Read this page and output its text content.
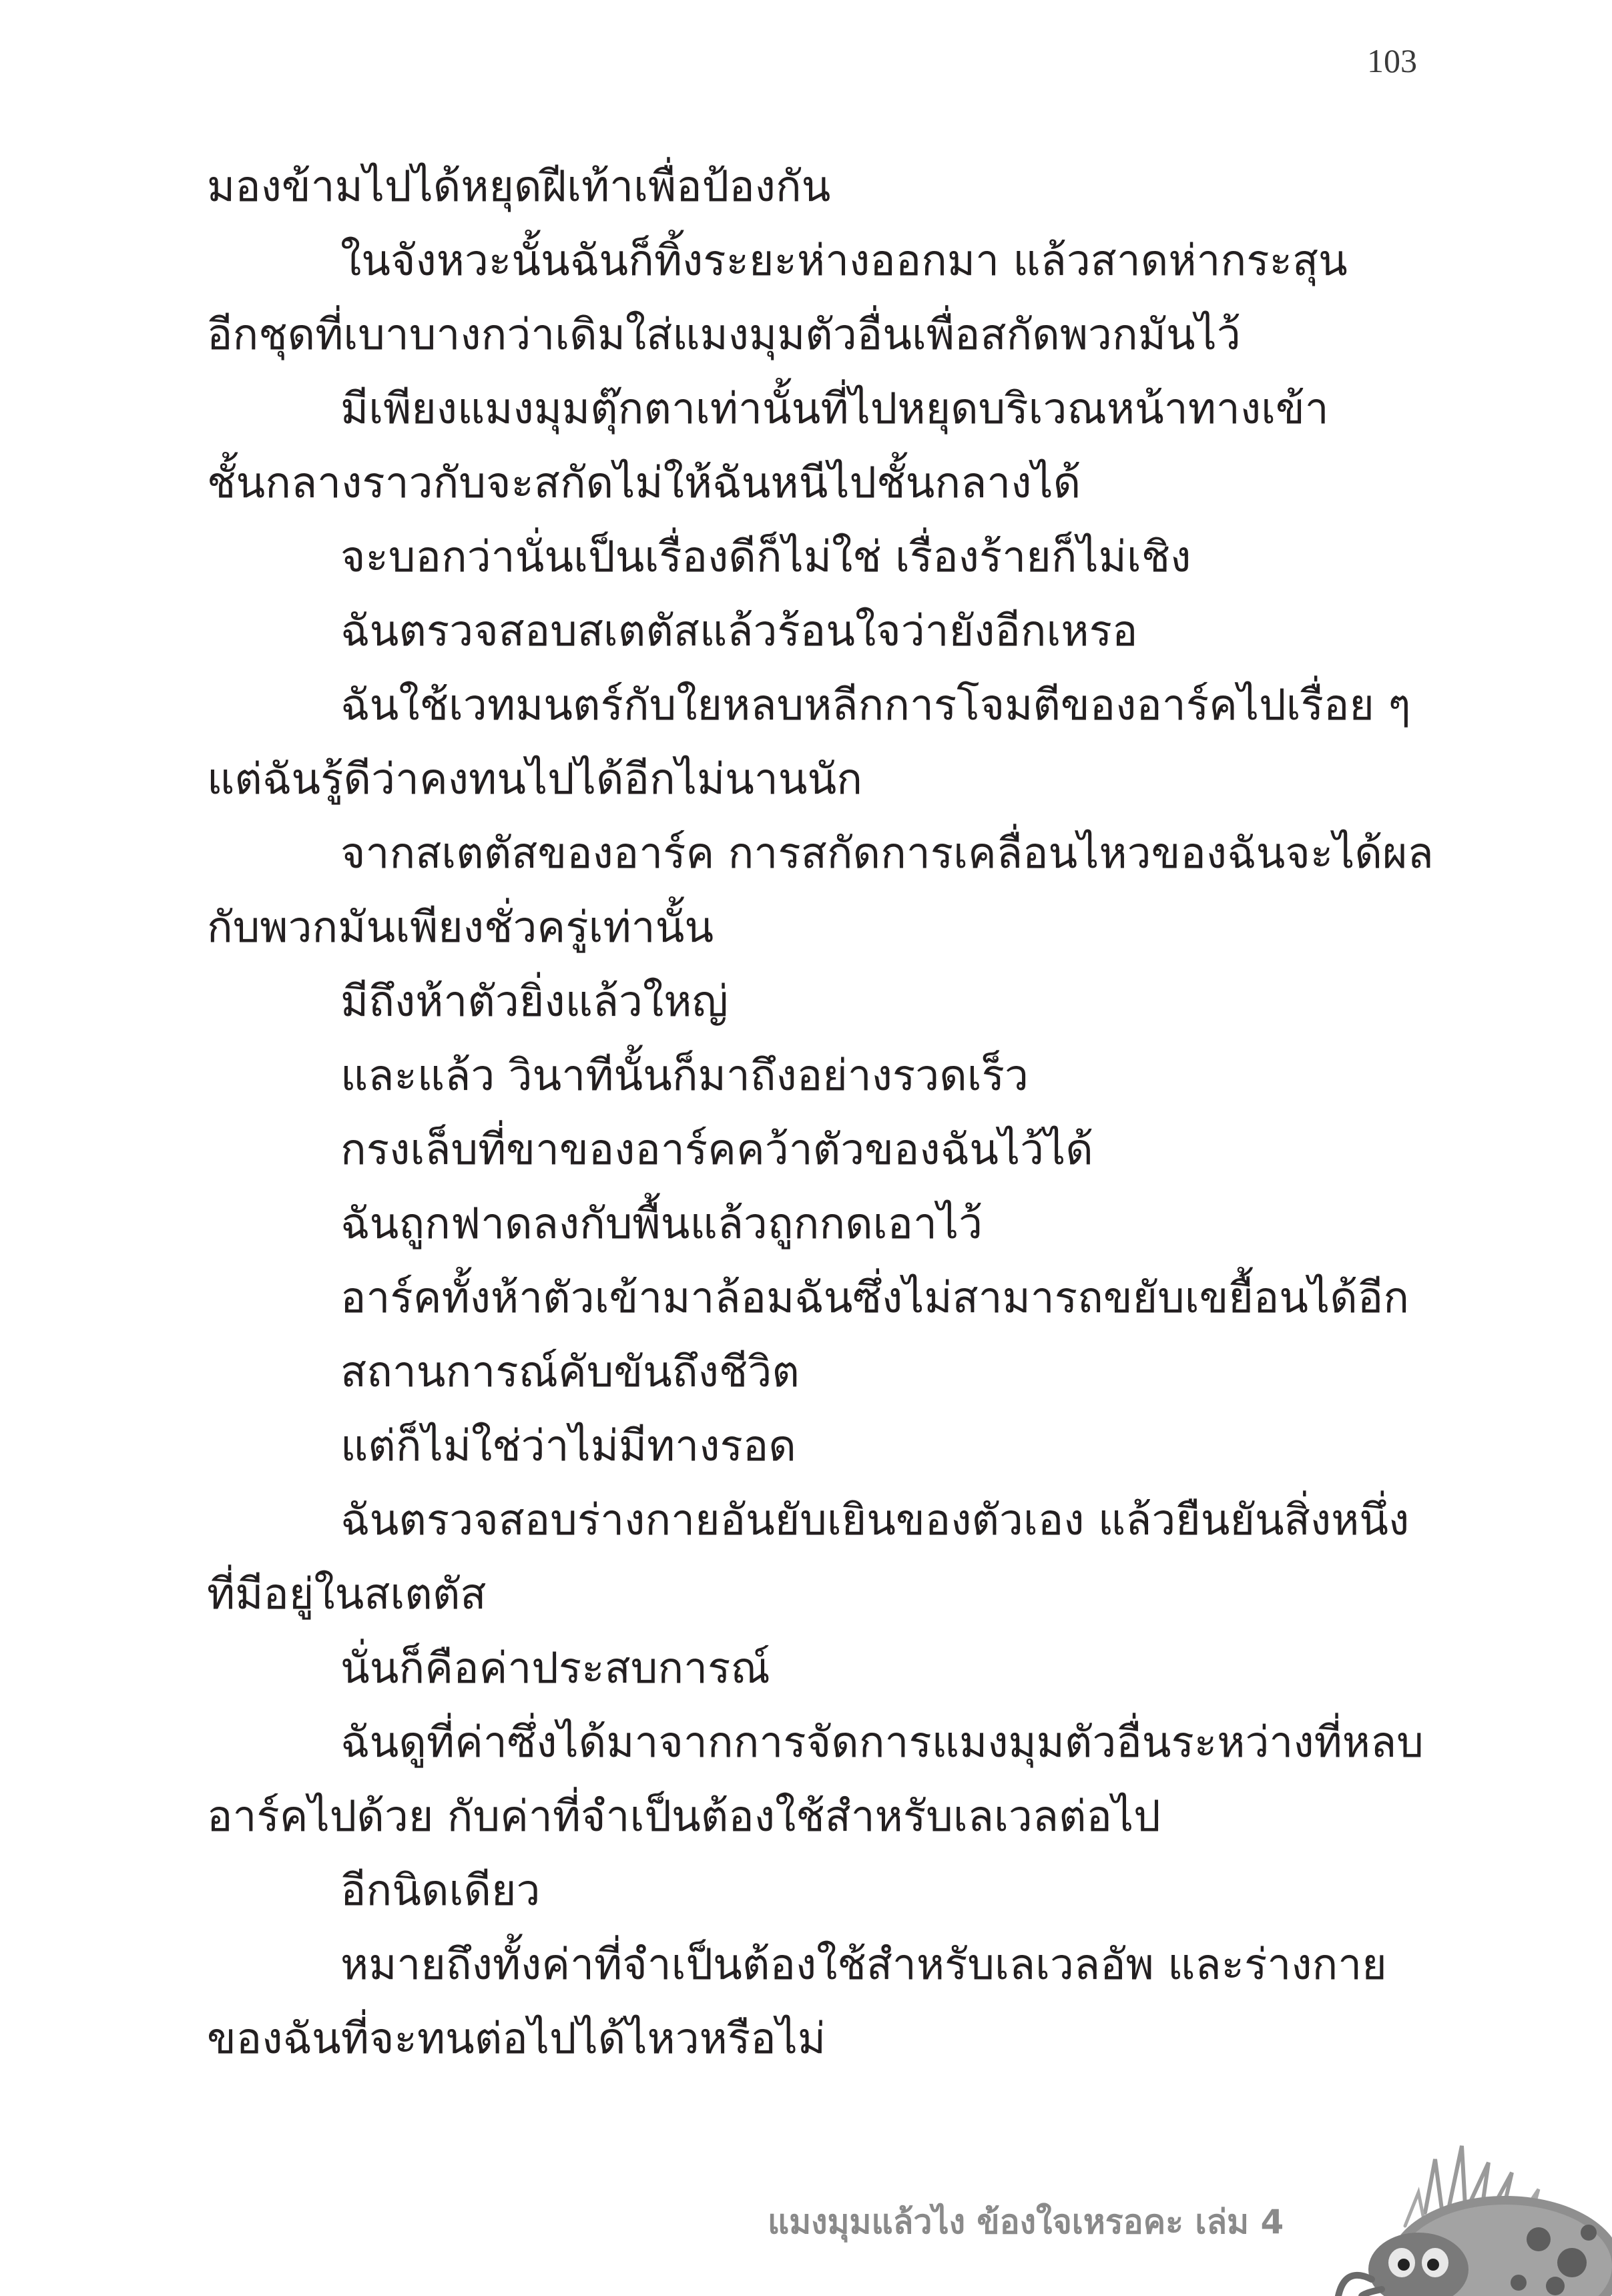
103
มองข้ามไปได้หยุดฝีเท้าเพื่อป้องกัน
ในจังหวะนั้นฉันก็ทิ้งระยะห่างออกมา แล้วสาดห่ากระสุน
อีกชุดที่เบาบางกว่าเดิมใส่แมงมุมตัวอื่นเพื่อสกัดพวกมันไว้
มีเพียงแมงมุมตุ๊กตาเท่านั้นที่ไปหยุดบริเวณหน้าทางเข้า
ชั้นกลางราวกับจะสกัดไม่ให้ฉันหนีไปชั้นกลางได้
จะบอกว่านั่นเป็นเรื่องดีก็ไม่ใช่ เรื่องร้ายก็ไม่เชิง
ฉันตรวจสอบสเตตัสแล้วร้อนใจว่ายังอีกเหรอ
ฉันใช้เวทมนตร์กับใยหลบหลีกการโจมตีของอาร์คไปเรื่อย ๆ
แต่ฉันรู้ดีว่าคงทนไปได้อีกไม่นานนัก
จากสเตตัสของอาร์ค การสกัดการเคลื่อนไหวของฉันจะได้ผล
กับพวกมันเพียงชั่วครู่เท่านั้น
มีถึงห้าตัวยิ่งแล้วใหญ่
และแล้ว วินาทีนั้นก็มาถึงอย่างรวดเร็ว
กรงเล็บที่ขาของอาร์คคว้าตัวของฉันไว้ได้
ฉันถูกฟาดลงกับพื้นแล้วถูกกดเอาไว้
อาร์คทั้งห้าตัวเข้ามาล้อมฉันซึ่งไม่สามารถขยับเขยื้อนได้อีก
สถานการณ์คับขันถึงชีวิต
แต่ก็ไม่ใช่ว่าไม่มีทางรอด
ฉันตรวจสอบร่างกายอันยับเยินของตัวเอง แล้วยืนยันสิ่งหนึ่ง
ที่มีอยู่ในสเตตัส
นั่นก็คือค่าประสบการณ์
ฉันดูที่ค่าซึ่งได้มาจากการจัดการแมงมุมตัวอื่นระหว่างที่หลบ
อาร์คไปด้วย กับค่าที่จำเป็นต้องใช้สำหรับเลเวลต่อไป
อีกนิดเดียว
หมายถึงทั้งค่าที่จำเป็นต้องใช้สำหรับเลเวลอัพ และร่างกาย
ของฉันที่จะทนต่อไปได้ไหวหรือไม่
แมงมุมแล้วไง ข้องใจเหรอคะ เล่ม 4
